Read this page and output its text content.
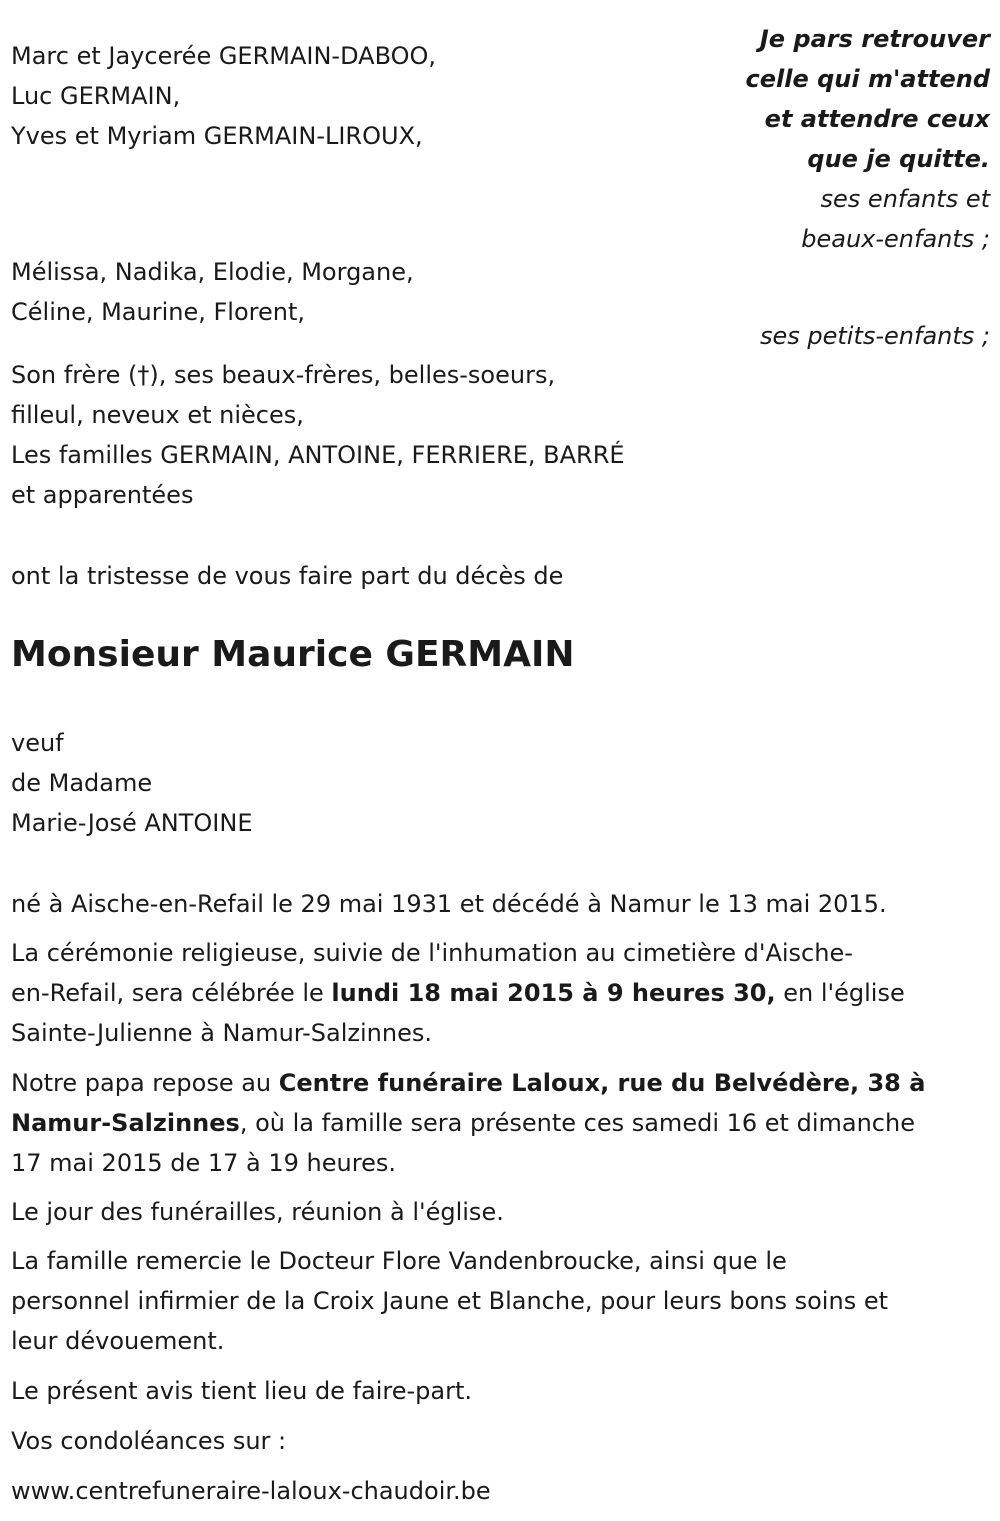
Marc et Jaycerée GERMAIN-DABOO,
Luc GERMAIN,
Yves et Myriam GERMAIN-LIROUX,
Je pars retrouver
celle qui m'attend
et attendre ceux
que je quitte.
ses enfants et
beaux-enfants ;
Mélissa, Nadika, Elodie, Morgane,
Céline, Maurine, Florent,
ses petits-enfants ;
Son frère (†), ses beaux-frères, belles-soeurs,
filleul, neveux et nièces,
Les familles GERMAIN, ANTOINE, FERRIERE, BARRÉ
et apparentées
ont la tristesse de vous faire part du décès de
Monsieur Maurice GERMAIN
veuf
de Madame
Marie-José ANTOINE
né à Aische-en-Refail le 29 mai 1931 et décédé à Namur le 13 mai 2015.
La cérémonie religieuse, suivie de l'inhumation au cimetière d'Aische-
en-Refail, sera célébrée le lundi 18 mai 2015 à 9 heures 30, en l'église
Sainte-Julienne à Namur-Salzinnes.
Notre papa repose au Centre funéraire Laloux, rue du Belvédère, 38 à
Namur-Salzinnes, où la famille sera présente ces samedi 16 et dimanche
17 mai 2015 de 17 à 19 heures.
Le jour des funérailles, réunion à l'église.
La famille remercie le Docteur Flore Vandenbroucke, ainsi que le
personnel infirmier de la Croix Jaune et Blanche, pour leurs bons soins et
leur dévouement.
Le présent avis tient lieu de faire-part.
Vos condoléances sur :
www.centrefuneraire-laloux-chaudoir.be
